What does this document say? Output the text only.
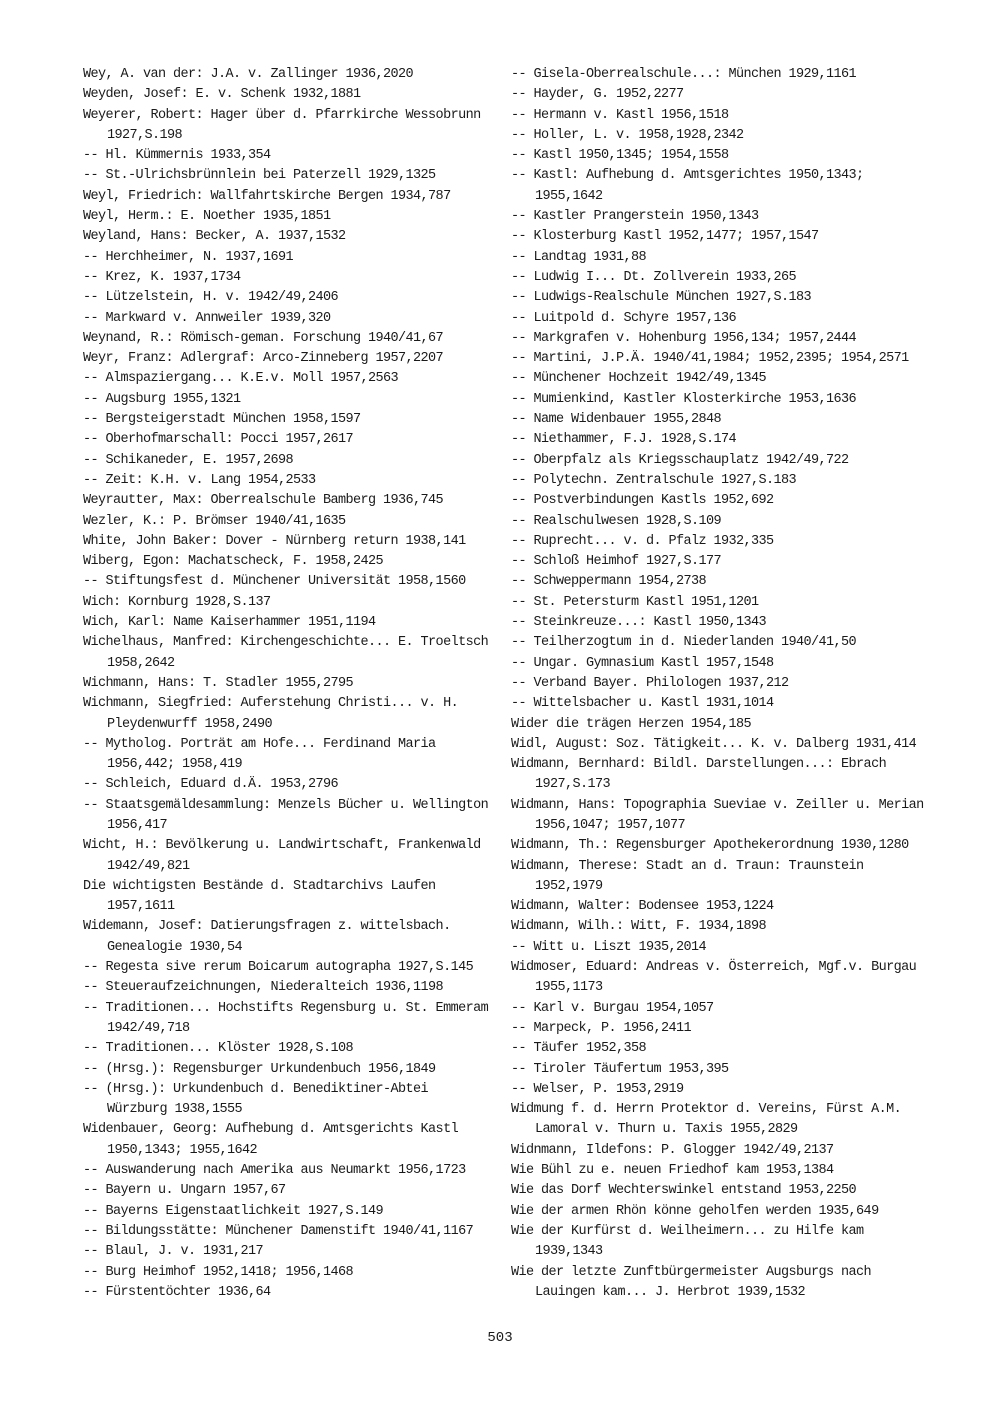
Wey, A. van der: J.A. v. Zallinger 1936,2020
Weyden, Josef: E. v. Schenk 1932,1881
Weyerer, Robert: Hager über d. Pfarrkirche Wessobrunn 1927,S.198
-- Hl. Kümmernis 1933,354
-- St.-Ulrichsbrünnlein bei Paterzell 1929,1325
Weyl, Friedrich: Wallfahrtskirche Bergen 1934,787
Weyl, Herm.: E. Noether 1935,1851
Weyland, Hans: Becker, A. 1937,1532
-- Herchheimer, N. 1937,1691
-- Krez, K. 1937,1734
-- Lützelstein, H. v. 1942/49,2406
-- Markward v. Annweiler 1939,320
Weynand, R.: Römisch-geman. Forschung 1940/41,67
Weyr, Franz: Adlergraf: Arco-Zinneberg 1957,2207
-- Almspaziergang... K.E.v. Moll 1957,2563
-- Augsburg 1955,1321
-- Bergsteigerstadt München 1958,1597
-- Oberhofmarschall: Pocci 1957,2617
-- Schikaneder, E. 1957,2698
-- Zeit: K.H. v. Lang 1954,2533
Weyrautter, Max: Oberrealschule Bamberg 1936,745
Wezler, K.: P. Brömser 1940/41,1635
White, John Baker: Dover - Nürnberg return 1938,141
Wiberg, Egon: Machatscheck, F. 1958,2425
-- Stiftungsfest d. Münchener Universität 1958,1560
Wich: Kornburg 1928,S.137
Wich, Karl: Name Kaiserhammer 1951,1194
Wichelhaus, Manfred: Kirchengeschichte... E. Troeltsch 1958,2642
Wichmann, Hans: T. Stadler 1955,2795
Wichmann, Siegfried: Auferstehung Christi... v. H. Pleydenwurff 1958,2490
-- Mytholog. Porträt am Hofe... Ferdinand Maria 1956,442; 1958,419
-- Schleich, Eduard d.Ä. 1953,2796
-- Staatsgemäldesammlung: Menzels Bücher u. Wellington 1956,417
Wicht, H.: Bevölkerung u. Landwirtschaft, Frankenwald 1942/49,821
Die wichtigsten Bestände d. Stadtarchivs Laufen 1957,1611
Widemann, Josef: Datierungsfragen z. wittelsbach. Genealogie 1930,54
-- Regesta sive rerum Boicarum autographa 1927,S.145
-- Steueraufzeichnungen, Niederalteich 1936,1198
-- Traditionen... Hochstifts Regensburg u. St. Emmeram 1942/49,718
-- Traditionen... Klöster 1928,S.108
-- (Hrsg.): Regensburger Urkundenbuch 1956,1849
-- (Hrsg.): Urkundenbuch d. Benediktiner-Abtei Würzburg 1938,1555
Widenbauer, Georg: Aufhebung d. Amtsgerichts Kastl 1950,1343; 1955,1642
-- Auswanderung nach Amerika aus Neumarkt 1956,1723
-- Bayern u. Ungarn 1957,67
-- Bayerns Eigenstaatlichkeit 1927,S.149
-- Bildungsstätte: Münchener Damenstift 1940/41,1167
-- Blaul, J. v. 1931,217
-- Burg Heimhof 1952,1418; 1956,1468
-- Fürstentöchter 1936,64
-- Gisela-Oberrealschule...: München 1929,1161
-- Hayder, G. 1952,2277
-- Hermann v. Kastl 1956,1518
-- Holler, L. v. 1958,1928,2342
-- Kastl 1950,1345; 1954,1558
-- Kastl: Aufhebung d. Amtsgerichtes 1950,1343; 1955,1642
-- Kastler Prangerstein 1950,1343
-- Klosterburg Kastl 1952,1477; 1957,1547
-- Landtag 1931,88
-- Ludwig I... Dt. Zollverein 1933,265
-- Ludwigs-Realschule München 1927,S.183
-- Luitpold d. Schyre 1957,136
-- Markgrafen v. Hohenburg 1956,134; 1957,2444
-- Martini, J.P.Ä. 1940/41,1984; 1952,2395; 1954,2571
-- Münchener Hochzeit 1942/49,1345
-- Mumienkind, Kastler Klosterkirche 1953,1636
-- Name Widenbauer 1955,2848
-- Niethammer, F.J. 1928,S.174
-- Oberpfalz als Kriegsschauplatz 1942/49,722
-- Polytechn. Zentralschule 1927,S.183
-- Postverbindungen Kastls 1952,692
-- Realschulwesen 1928,S.109
-- Ruprecht... v. d. Pfalz 1932,335
-- Schloß Heimhof 1927,S.177
-- Schweppermann 1954,2738
-- St. Petersturm Kastl 1951,1201
-- Steinkreuze...: Kastl 1950,1343
-- Teilherzogtum in d. Niederlanden 1940/41,50
-- Ungar. Gymnasium Kastl 1957,1548
-- Verband Bayer. Philologen 1937,212
-- Wittelsbacher u. Kastl 1931,1014
Wider die trägen Herzen 1954,185
Widl, August: Soz. Tätigkeit... K. v. Dalberg 1931,414
Widmann, Bernhard: Bildl. Darstellungen...: Ebrach 1927,S.173
Widmann, Hans: Topographia Sueviae v. Zeiller u. Merian 1956,1047; 1957,1077
Widmann, Th.: Regensburger Apothekerordnung 1930,1280
Widmann, Therese: Stadt an d. Traun: Traunstein 1952,1979
Widmann, Walter: Bodensee 1953,1224
Widmann, Wilh.: Witt, F. 1934,1898
-- Witt u. Liszt 1935,2014
Widmoser, Eduard: Andreas v. Österreich, Mgf.v. Burgau 1955,1173
-- Karl v. Burgau 1954,1057
-- Marpeck, P. 1956,2411
-- Täufer 1952,358
-- Tiroler Täufertum 1953,395
-- Welser, P. 1953,2919
Widmung f. d. Herrn Protektor d. Vereins, Fürst A.M. Lamoral v. Thurn u. Taxis 1955,2829
Widnmann, Ildefons: P. Glogger 1942/49,2137
Wie Bühl zu e. neuen Friedhof kam 1953,1384
Wie das Dorf Wechterswinkel entstand 1953,2250
Wie der armen Rhön könne geholfen werden 1935,649
Wie der Kurfürst d. Weilheimern... zu Hilfe kam 1939,1343
Wie der letzte Zunftbürgermeister Augsburgs nach Lauingen kam... J. Herbrot 1939,1532
503
